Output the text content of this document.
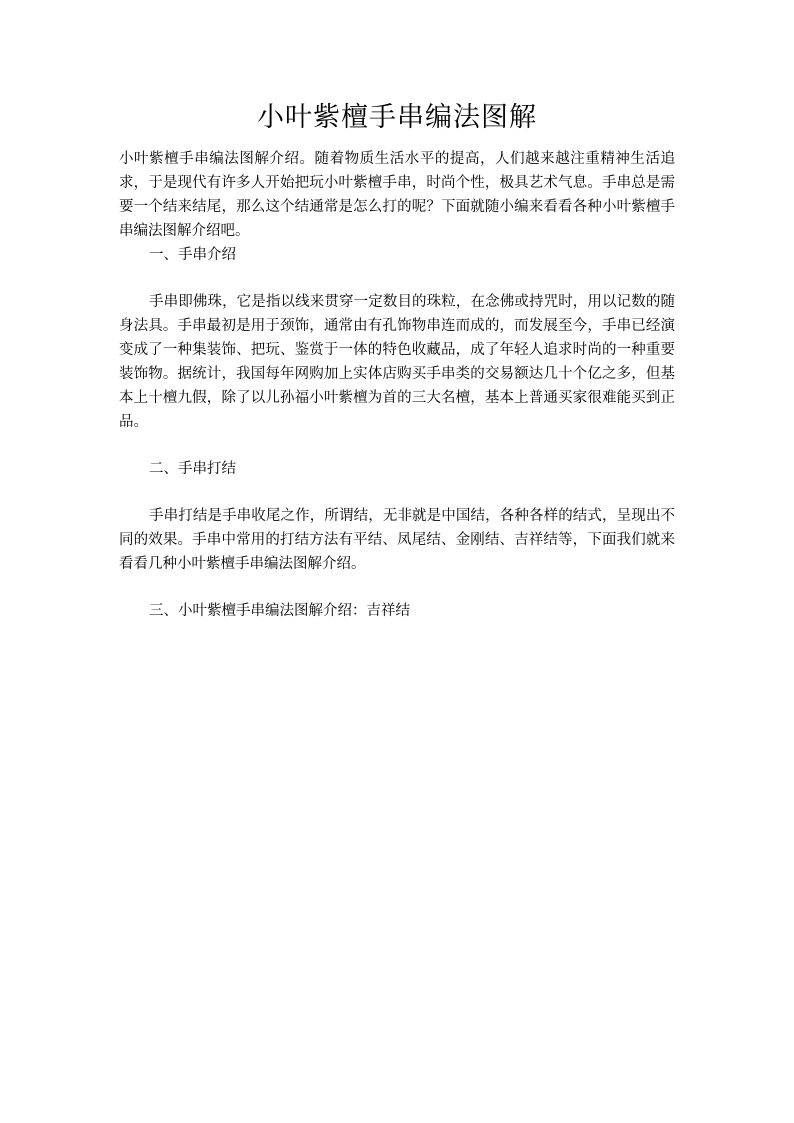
小叶紫檀手串编法图解

小叶紫檀手串编法图解介绍。随着物质生活水平的提高，人们越来越注重精神生活追求，于是现代有许多人开始把玩小叶紫檀手串，时尚个性，极具艺术气息。手串总是需要一个结来结尾，那么这个结通常是怎么打的呢？下面就随小编来看看各种小叶紫檀手串编法图解介绍吧。

一、手串介绍

手串即佛珠，它是指以线来贯穿一定数目的珠粒，在念佛或持咒时，用以记数的随身法具。手串最初是用于颈饰，通常由有孔饰物串连而成的，而发展至今，手串已经演变成了一种集装饰、把玩、鉴赏于一体的特色收藏品，成了年轻人追求时尚的一种重要装饰物。据统计，我国每年网购加上实体店购买手串类的交易额达几十个亿之多，但基本上十檀九假，除了以儿孙福小叶紫檀为首的三大名檀，基本上普通买家很难能买到正品。

二、手串打结

手串打结是手串收尾之作，所谓结，无非就是中国结，各种各样的结式，呈现出不同的效果。手串中常用的打结方法有平结、凤尾结、金刚结、吉祥结等，下面我们就来看看几种小叶紫檀手串编法图解介绍。

三、小叶紫檀手串编法图解介绍：吉祥结
